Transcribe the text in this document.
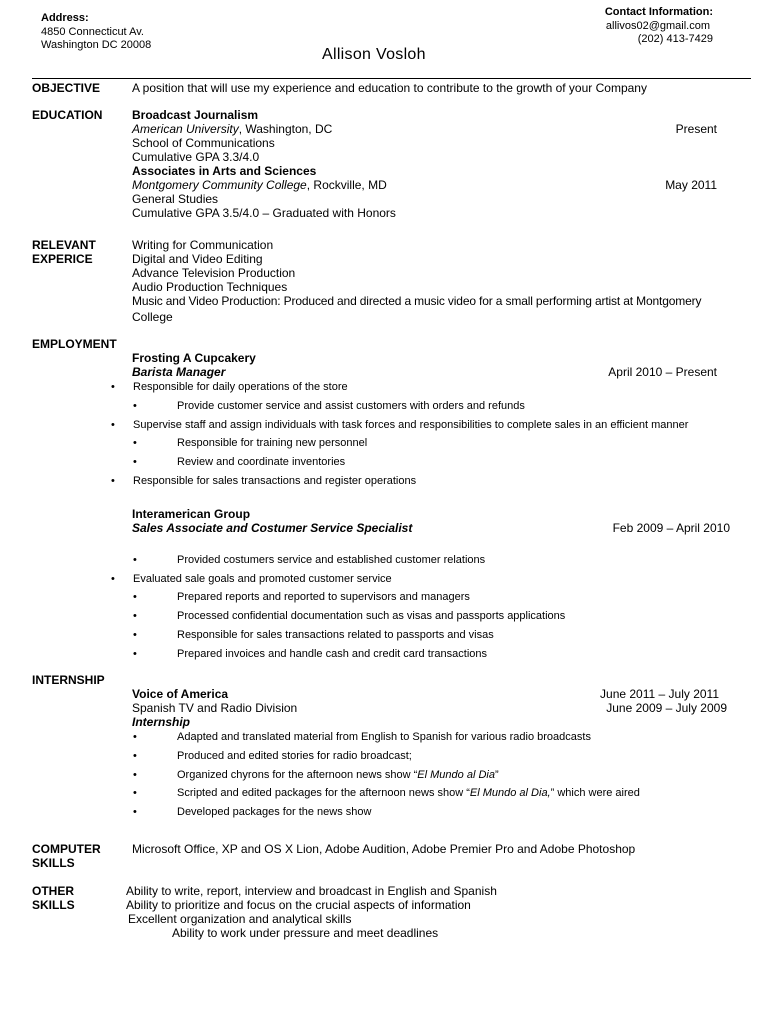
Address:
4850 Connecticut Av.
Washington DC 20008
Contact Information:
allivos02@gmail.com
(202) 413-7429
Allison Vosloh
OBJECTIVE	A position that will use my experience and education to contribute to the growth of your Company
EDUCATION Broadcast Journalism
American University, Washington, DC	Present
School of Communications
Cumulative GPA 3.3/4.0
Associates in Arts and Sciences
Montgomery Community College, Rockville, MD	May 2011
General Studies
Cumulative GPA 3.5/4.0 – Graduated with Honors
RELEVANT
EXPERICE
Writing for Communication
Digital and Video Editing
Advance Television Production
Audio Production Techniques
Music and Video Production: Produced and directed a music video for a small performing artist at Montgomery
College
EMPLOYMENT
Frosting A Cupcakery
Barista Manager	April 2010 – Present
• Responsible for daily operations of the store
•	Provide customer service and assist customers with orders and refunds
• Supervise staff and assign individuals with task forces and responsibilities to complete sales in an efficient manner
•	Responsible for training new personnel
•	Review and coordinate inventories
• Responsible for sales transactions and register operations
Interamerican Group
Sales Associate and Costumer Service Specialist	Feb 2009 – April 2010
•	Provided costumers service and established customer relations
• Evaluated sale goals and promoted customer service
•	Prepared reports and reported to supervisors and managers
•	Processed confidential documentation such as visas and passports applications
•	Responsible for sales transactions related to passports and visas
•	Prepared invoices and handle cash and credit card transactions
INTERNSHIP
Voice of America	June 2011 – July 2011
Spanish TV and Radio Division	June 2009 – July 2009
Internship
•	Adapted and translated material from English to Spanish for various radio broadcasts
•	Produced and edited stories for radio broadcast;
•	Organized chyrons for the afternoon news show “El Mundo al Dia”
•	Scripted and edited packages for the afternoon news show “El Mundo al Dia,” which were aired
•	Developed packages for the news show
COMPUTER
SKILLS
Microsoft Office, XP and OS X Lion, Adobe Audition, Adobe Premier Pro and Adobe Photoshop
OTHER
SKILLS
Ability to write, report, interview and broadcast in English and Spanish
Ability to prioritize and focus on the crucial aspects of information
Excellent organization and analytical skills
Ability to work under pressure and meet deadlines
